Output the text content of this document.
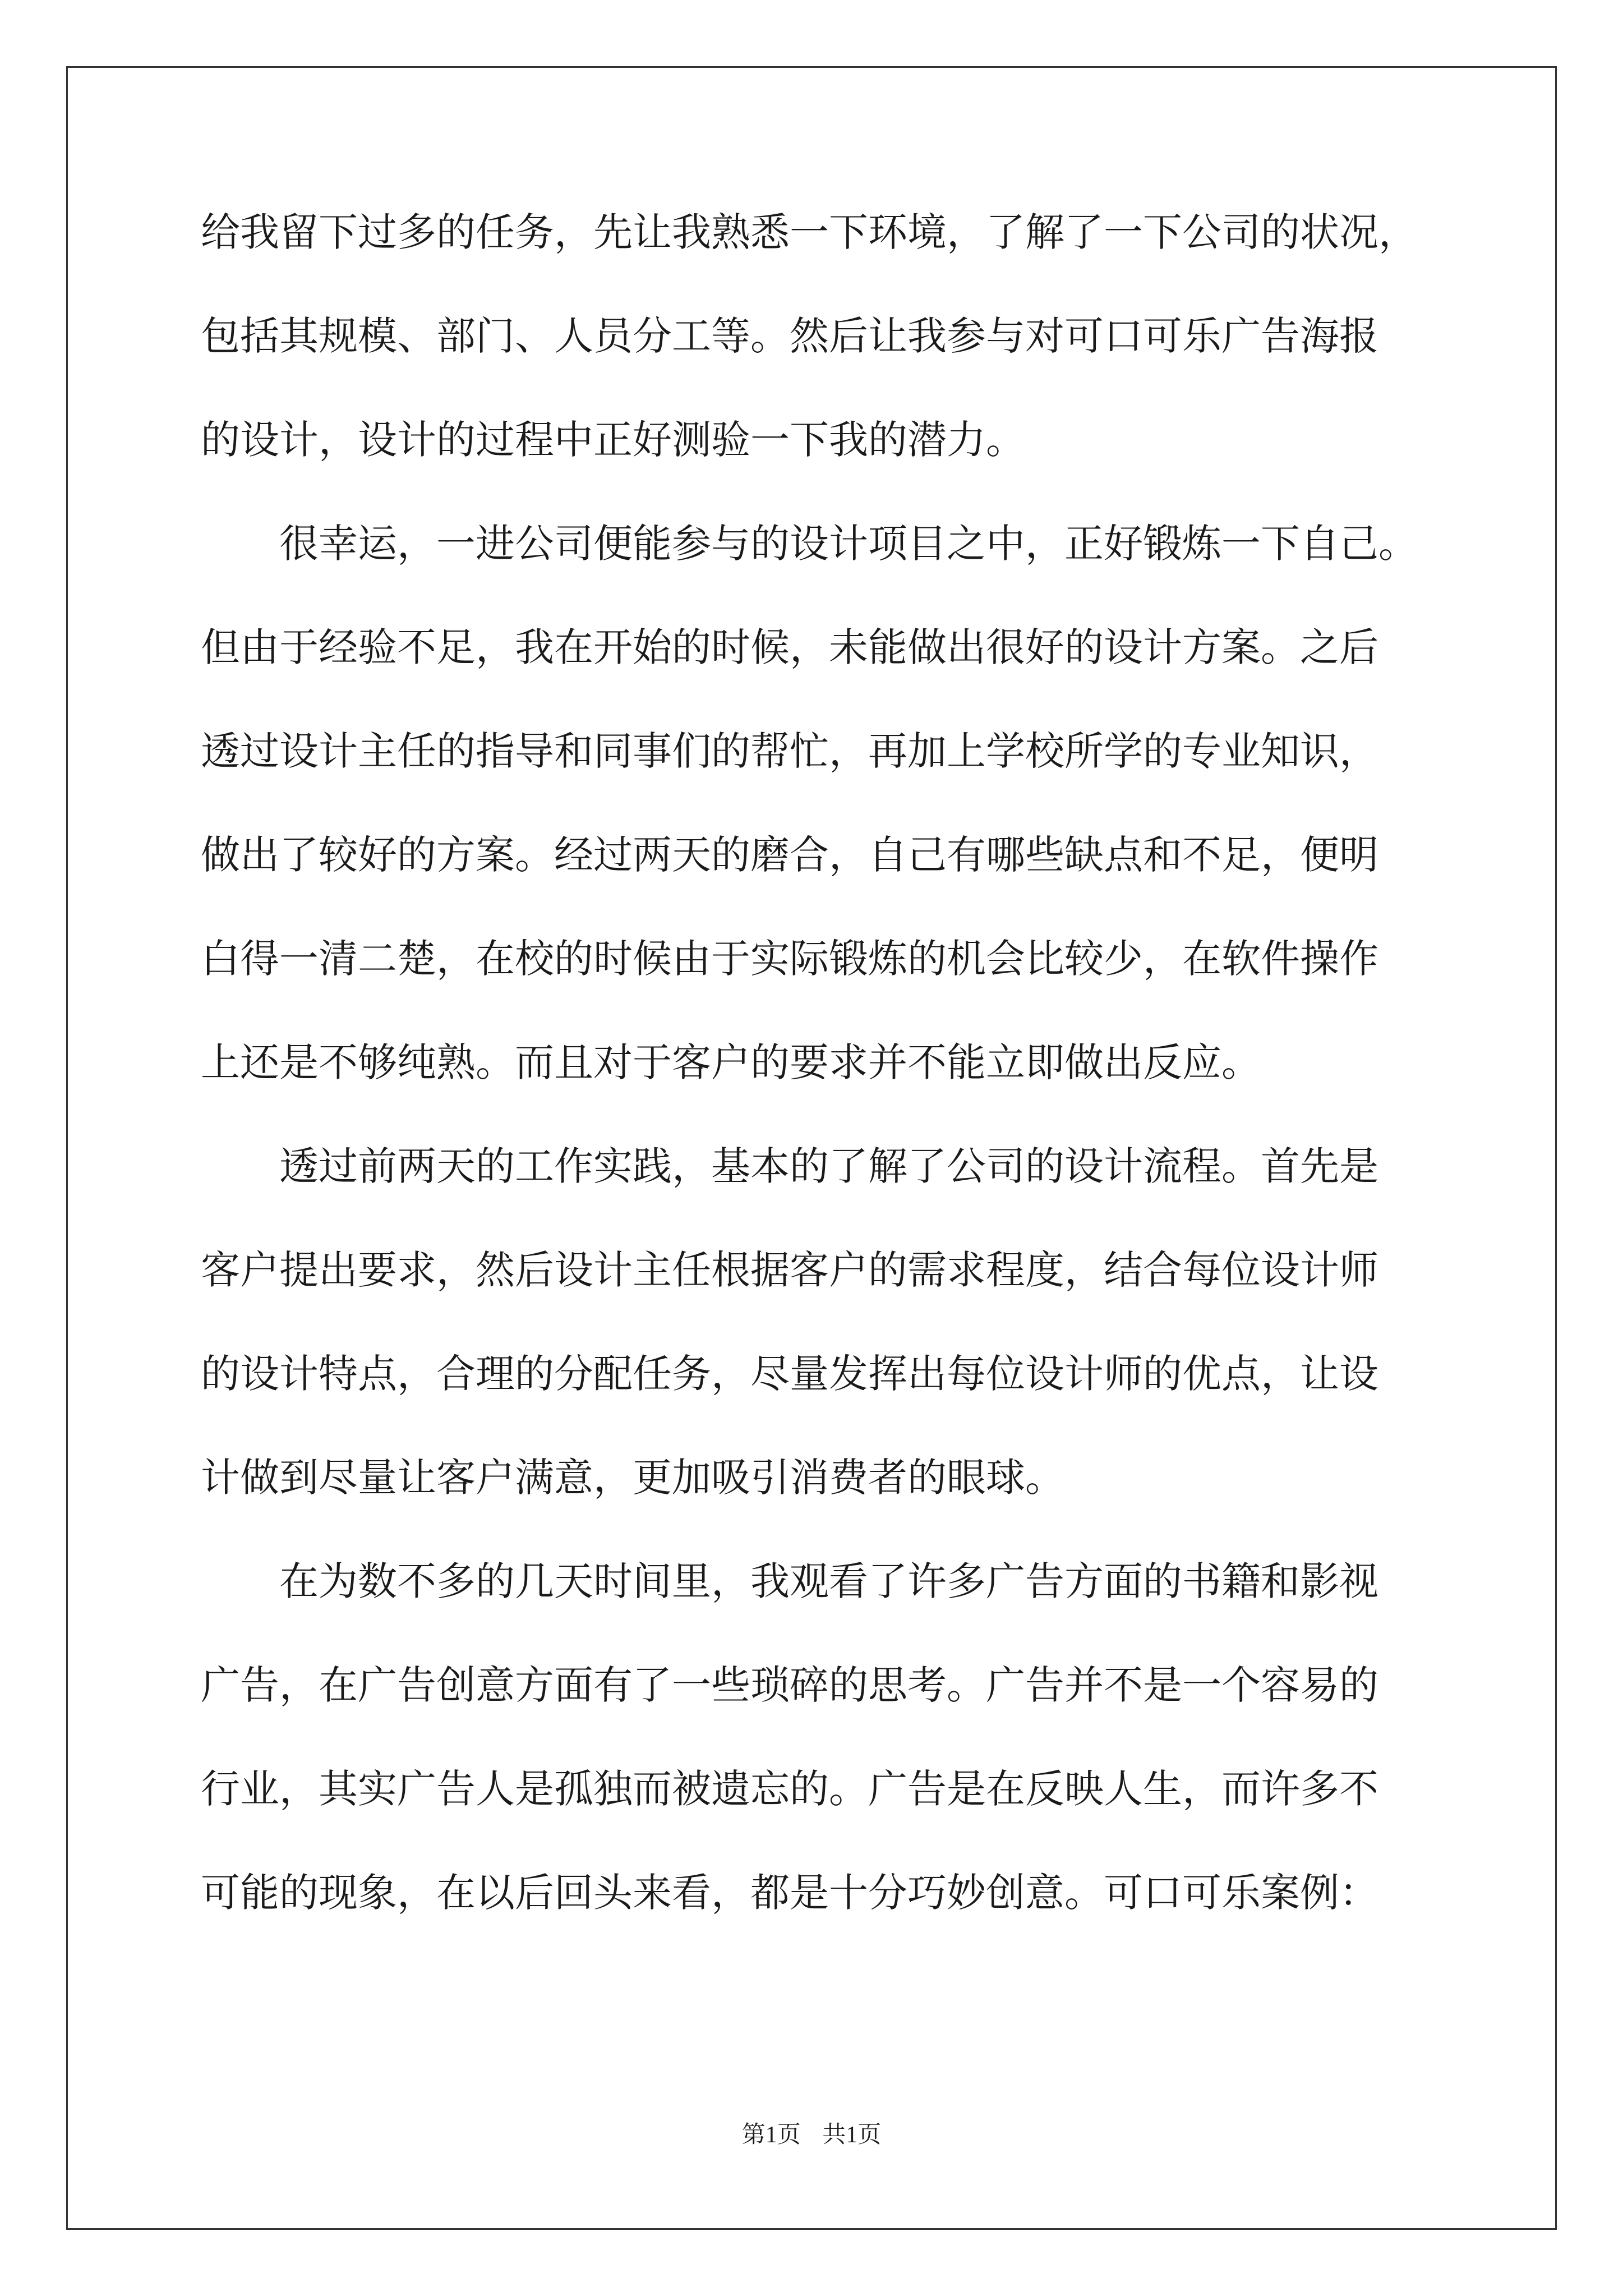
给我留下过多的任务，先让我熟悉一下环境，了解了一下公司的状况，
包括其规模、部门、人员分工等。然后让我参与对可口可乐广告海报
的设计，设计的过程中正好测验一下我的潜力。
很幸运，一进公司便能参与的设计项目之中，正好锻炼一下自己。
但由于经验不足，我在开始的时候，未能做出很好的设计方案。之后
透过设计主任的指导和同事们的帮忙，再加上学校所学的专业知识，
做出了较好的方案。经过两天的磨合，自己有哪些缺点和不足，便明
白得一清二楚，在校的时候由于实际锻炼的机会比较少，在软件操作
上还是不够纯熟。而且对于客户的要求并不能立即做出反应。
透过前两天的工作实践，基本的了解了公司的设计流程。首先是
客户提出要求，然后设计主任根据客户的需求程度，结合每位设计师
的设计特点，合理的分配任务，尽量发挥出每位设计师的优点，让设
计做到尽量让客户满意，更加吸引消费者的眼球。
在为数不多的几天时间里，我观看了许多广告方面的书籍和影视
广告，在广告创意方面有了一些琐碎的思考。广告并不是一个容易的
行业，其实广告人是孤独而被遗忘的。广告是在反映人生，而许多不
可能的现象，在以后回头来看，都是十分巧妙创意。可口可乐案例：
第1页 共1页
